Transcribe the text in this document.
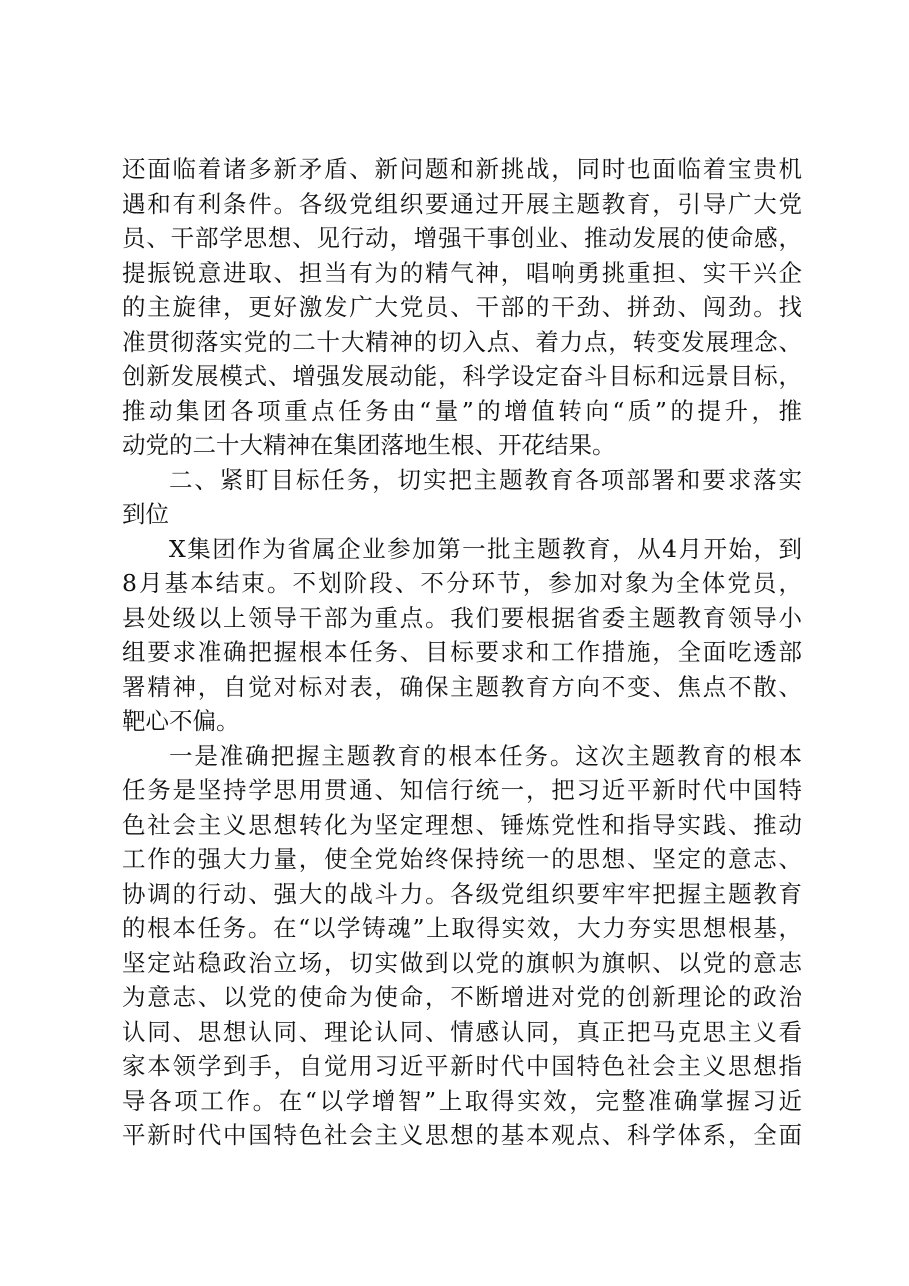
还面临着诸多新矛盾、新问题和新挑战，同时也面临着宝贵机
遇和有利条件。各级党组织要通过开展主题教育，引导广大党
员、干部学思想、见行动，增强干事创业、推动发展的使命感，
提振锐意进取、担当有为的精气神，唱响勇挑重担、实干兴企
的主旋律，更好激发广大党员、干部的干劲、拼劲、闯劲。找
准贯彻落实党的二十大精神的切入点、着力点，转变发展理念、
创新发展模式、增强发展动能，科学设定奋斗目标和远景目标，
推动集团各项重点任务由“量”的增值转向“质”的提升，推
动党的二十大精神在集团落地生根、开花结果。
二、紧盯目标任务，切实把主题教育各项部署和要求落实
到位
X集团作为省属企业参加第一批主题教育，从4月开始，到
8月基本结束。不划阶段、不分环节，参加对象为全体党员，
县处级以上领导干部为重点。我们要根据省委主题教育领导小
组要求准确把握根本任务、目标要求和工作措施，全面吃透部
署精神，自觉对标对表，确保主题教育方向不变、焦点不散、
靶心不偏。
一是准确把握主题教育的根本任务。这次主题教育的根本
任务是坚持学思用贯通、知信行统一，把习近平新时代中国特
色社会主义思想转化为坚定理想、锤炼党性和指导实践、推动
工作的强大力量，使全党始终保持统一的思想、坚定的意志、
协调的行动、强大的战斗力。各级党组织要牢牢把握主题教育
的根本任务。在“以学铸魂”上取得实效，大力夯实思想根基，
坚定站稳政治立场，切实做到以党的旗帜为旗帜、以党的意志
为意志、以党的使命为使命，不断增进对党的创新理论的政治
认同、思想认同、理论认同、情感认同，真正把马克思主义看
家本领学到手，自觉用习近平新时代中国特色社会主义思想指
导各项工作。在“以学增智”上取得实效，完整准确掌握习近
平新时代中国特色社会主义思想的基本观点、科学体系，全面
